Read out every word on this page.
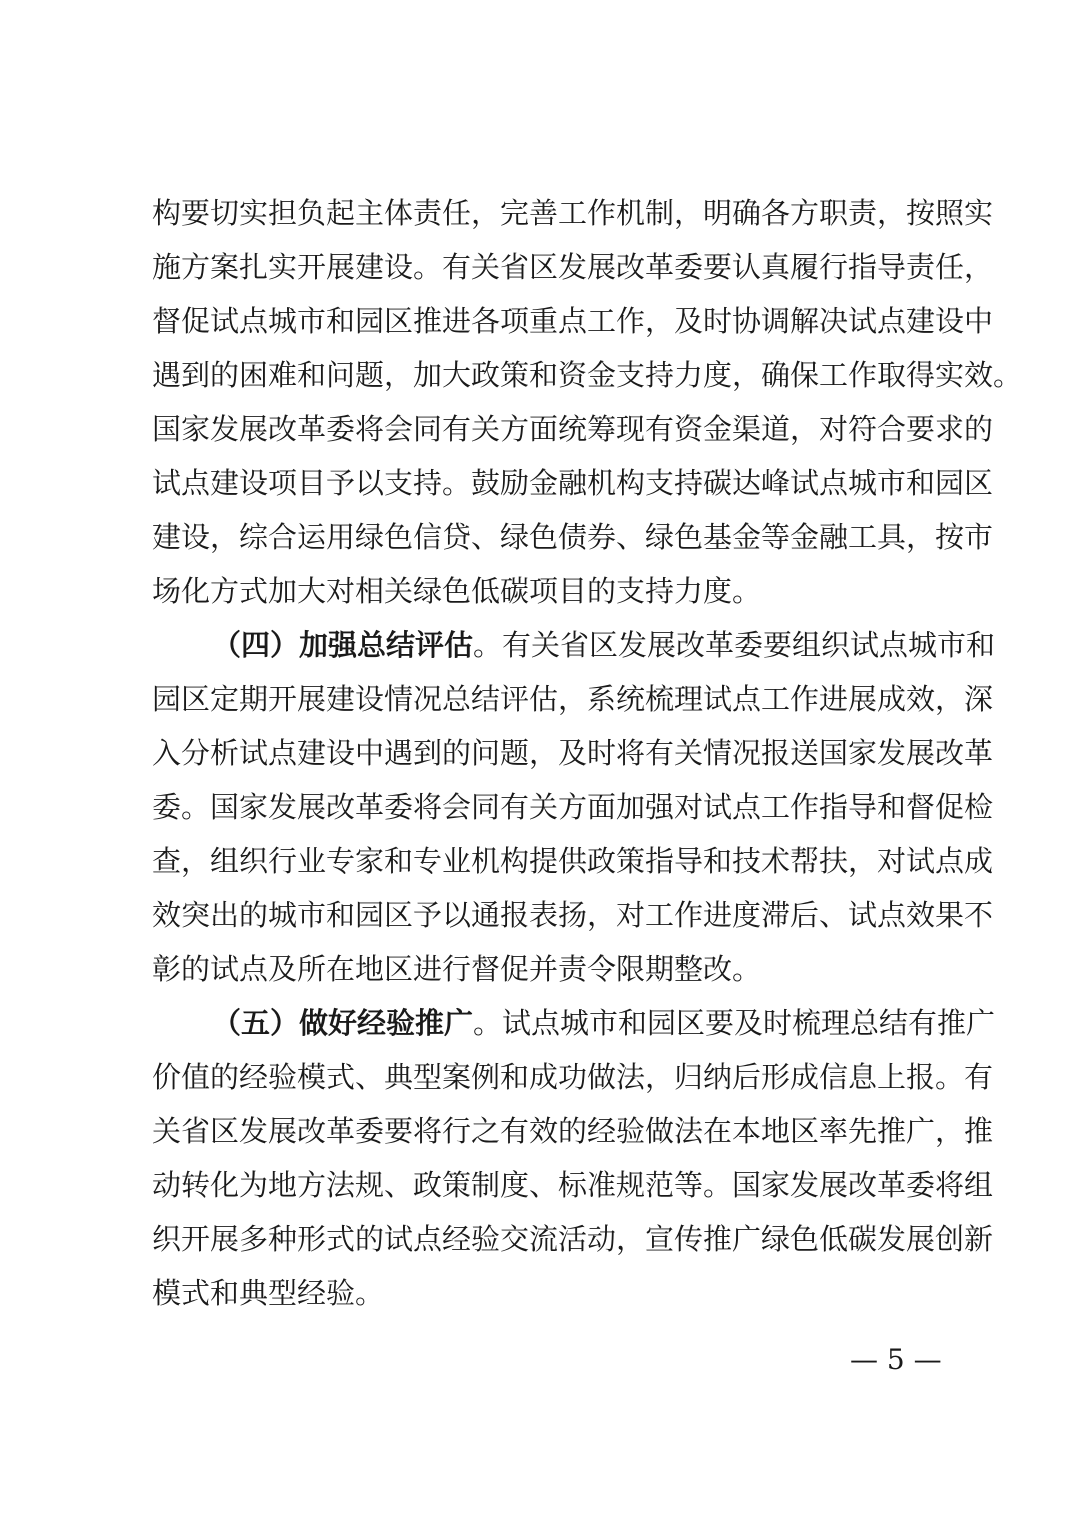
构要切实担负起主体责任，完善工作机制，明确各方职责，按照实
施方案扎实开展建设。有关省区发展改革委要认真履行指导责任，
督促试点城市和园区推进各项重点工作，及时协调解决试点建设中
遇到的困难和问题，加大政策和资金支持力度，确保工作取得实效。
国家发展改革委将会同有关方面统筹现有资金渠道，对符合要求的
试点建设项目予以支持。鼓励金融机构支持碳达峰试点城市和园区
建设，综合运用绿色信贷、绿色债券、绿色基金等金融工具，按市
场化方式加大对相关绿色低碳项目的支持力度。
（四）加强总结评估。有关省区发展改革委要组织试点城市和
园区定期开展建设情况总结评估，系统梳理试点工作进展成效，深
入分析试点建设中遇到的问题，及时将有关情况报送国家发展改革
委。国家发展改革委将会同有关方面加强对试点工作指导和督促检
查，组织行业专家和专业机构提供政策指导和技术帮扶，对试点成
效突出的城市和园区予以通报表扬，对工作进度滞后、试点效果不
彰的试点及所在地区进行督促并责令限期整改。
（五）做好经验推广。试点城市和园区要及时梳理总结有推广
价值的经验模式、典型案例和成功做法，归纳后形成信息上报。有
关省区发展改革委要将行之有效的经验做法在本地区率先推广，推
动转化为地方法规、政策制度、标准规范等。国家发展改革委将组
织开展多种形式的试点经验交流活动，宣传推广绿色低碳发展创新
模式和典型经验。
— 5 —
